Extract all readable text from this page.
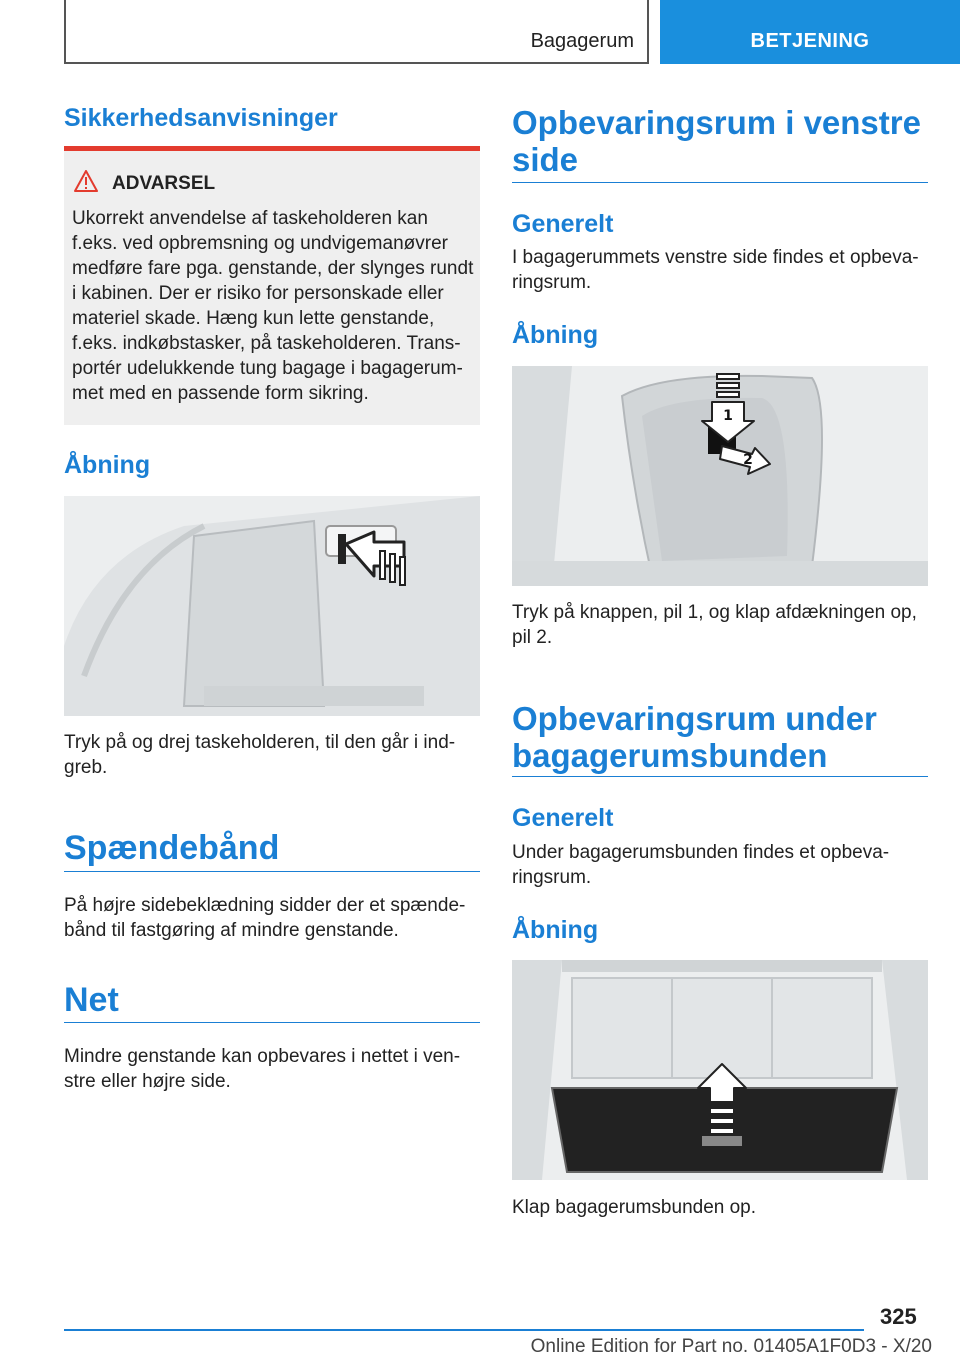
Bagagerum	BETJENING
Sikkerhedsanvisninger
ADVARSEL

Ukorrekt anvendelse af taskeholderen kan

f.eks. ved opbremsning og undvigemanøvrer

medføre fare pga. genstande, der slynges rundt

i kabinen. Der er risiko for personskade eller

materiel skade. Hæng kun lette genstande,

f.eks. indkøbstasker, på taskeholderen. Trans‐

portér udelukkende tung bagage i bagagerum‐

met med en passende form sikring.

Åbning

Tryk på og drej taskeholderen, til den går i ind‐

greb.

Spændebånd

På højre sidebeklædning sidder der et spænde‐

bånd til fastgøring af mindre genstande.

Net

Mindre genstande kan opbevares i nettet i ven‐

stre eller højre side.

Opbevaringsrum i venstre
side
Generelt

I bagagerummets venstre side findes et opbeva‐

ringsrum.

Åbning
1
2

Tryk på knappen, pil 1, og klap afdækningen op,

pil 2.

Opbevaringsrum under
bagagerumsbunden
Generelt

Under bagagerumsbunden findes et opbeva‐

ringsrum.

Åbning

Klap bagagerumsbunden op.

325
Online Edition for Part no. 01405A1F0D3 - X/20
